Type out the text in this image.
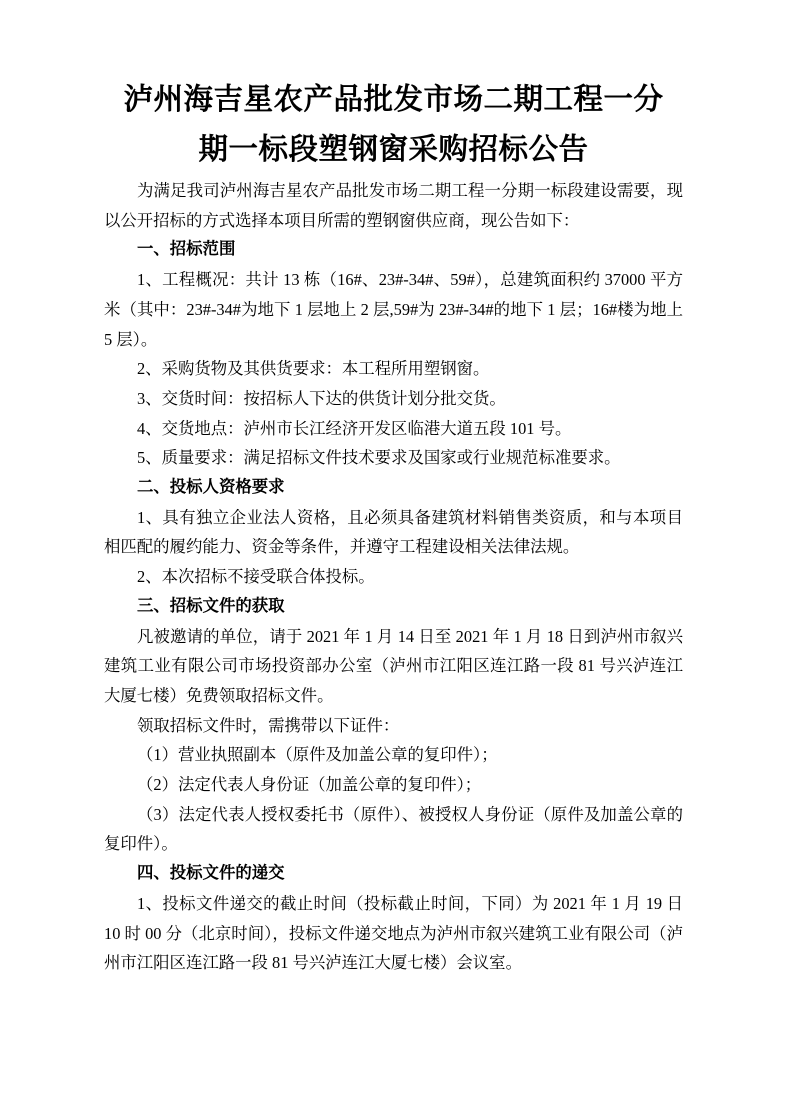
泸州海吉星农产品批发市场二期工程一分
期一标段塑钢窗采购招标公告

为满足我司泸州海吉星农产品批发市场二期工程一分期一标段建设需要，现以公开招标的方式选择本项目所需的塑钢窗供应商，现公告如下：

一、招标范围

1、工程概况：共计 13 栋（16#、23#-34#、59#），总建筑面积约 37000 平方米（其中：23#-34#为地下 1 层地上 2 层,59#为 23#-34#的地下 1 层；16#楼为地上 5 层）。

2、采购货物及其供货要求：本工程所用塑钢窗。

3、交货时间：按招标人下达的供货计划分批交货。

4、交货地点：泸州市长江经济开发区临港大道五段 101 号。

5、质量要求：满足招标文件技术要求及国家或行业规范标准要求。

二、投标人资格要求

1、具有独立企业法人资格，且必须具备建筑材料销售类资质，和与本项目相匹配的履约能力、资金等条件，并遵守工程建设相关法律法规。

2、本次招标不接受联合体投标。

三、招标文件的获取

凡被邀请的单位，请于 2021 年 1 月 14 日至 2021 年 1 月 18 日到泸州市叙兴建筑工业有限公司市场投资部办公室（泸州市江阳区连江路一段 81 号兴泸连江大厦七楼）免费领取招标文件。

领取招标文件时，需携带以下证件：

（1）营业执照副本（原件及加盖公章的复印件）；

（2）法定代表人身份证（加盖公章的复印件）；

（3）法定代表人授权委托书（原件）、被授权人身份证（原件及加盖公章的复印件）。

四、投标文件的递交

1、投标文件递交的截止时间（投标截止时间，下同）为 2021 年 1 月 19 日 10 时 00 分（北京时间），投标文件递交地点为泸州市叙兴建筑工业有限公司（泸州市江阳区连江路一段 81 号兴泸连江大厦七楼）会议室。
